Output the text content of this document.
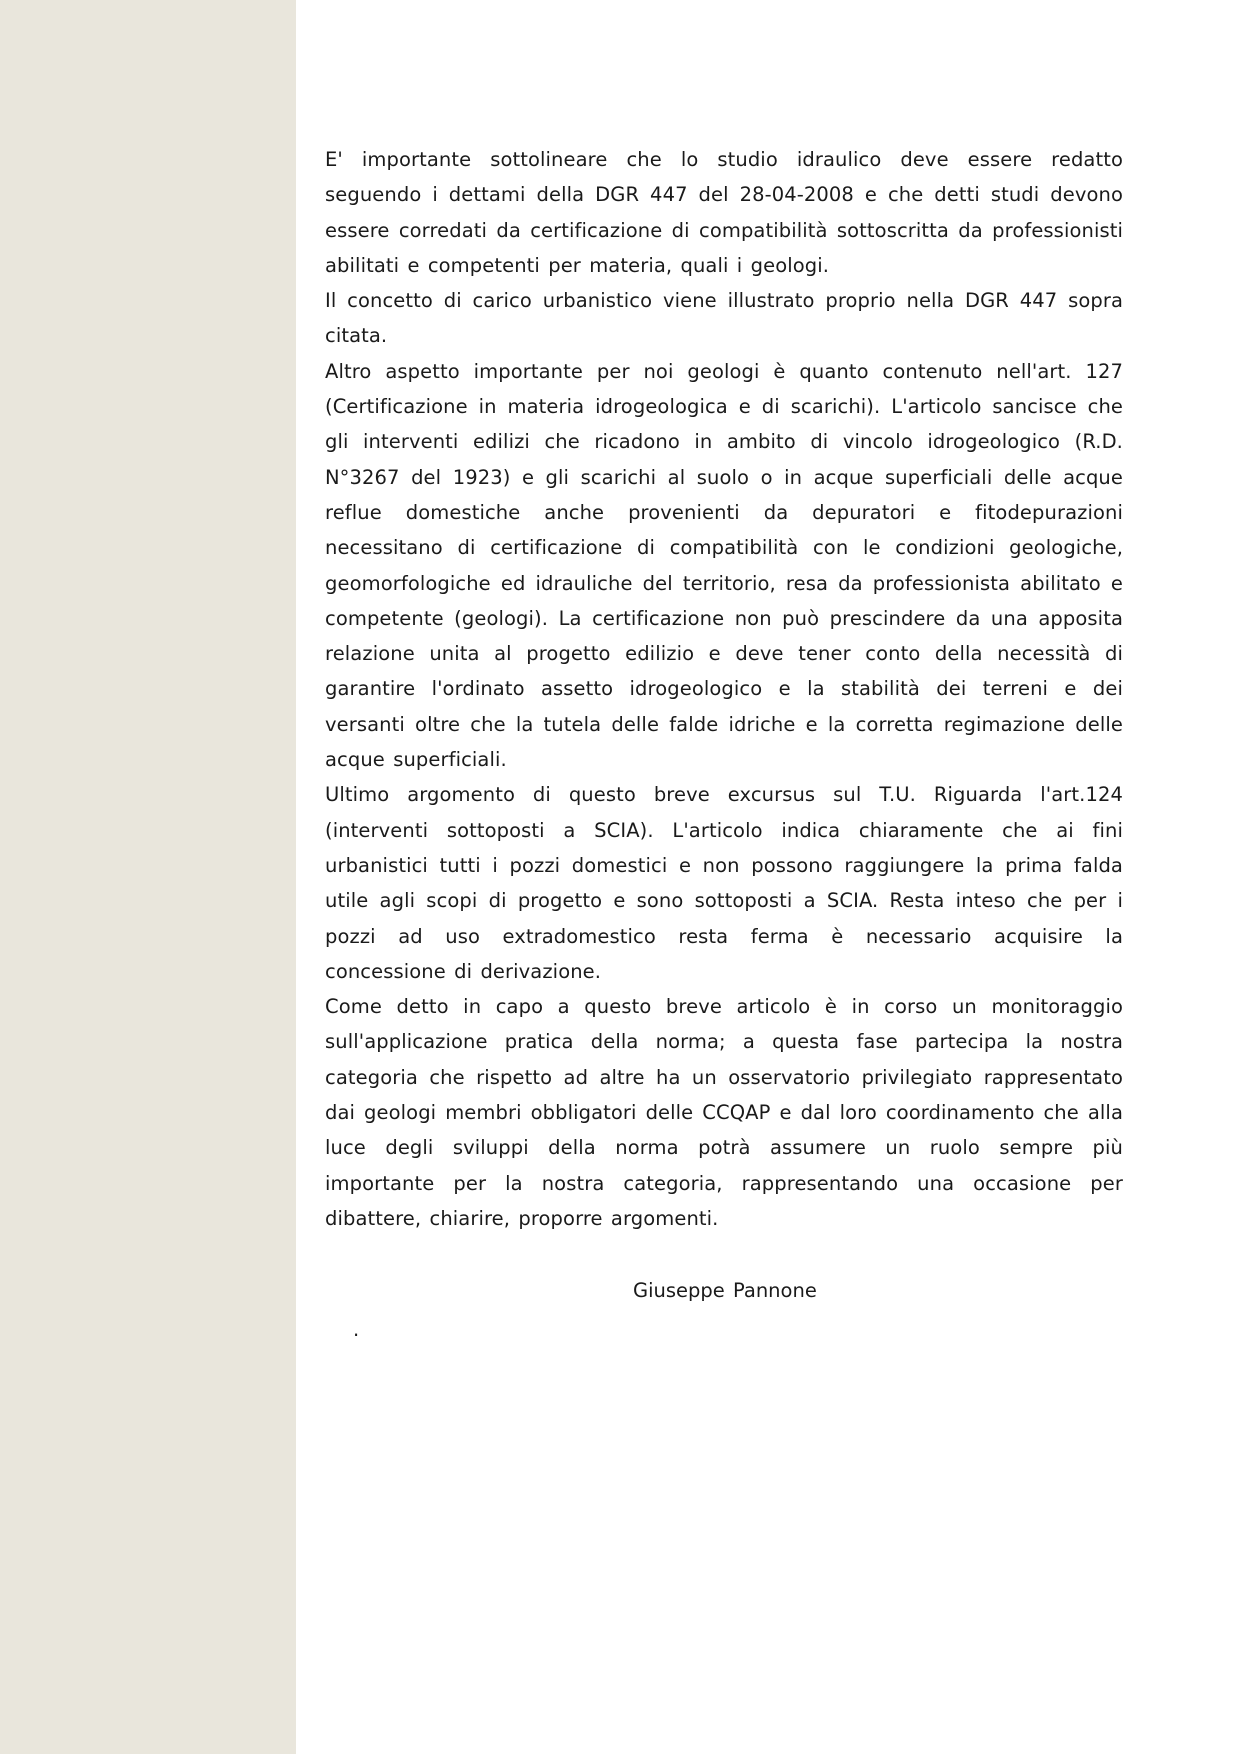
E' importante sottolineare che lo studio idraulico deve essere redatto seguendo i dettami della DGR 447 del 28-04-2008 e che detti studi devono essere corredati da certificazione di compatibilità sottoscritta da professionisti abilitati e competenti per materia, quali i geologi.

Il concetto di carico urbanistico viene illustrato proprio nella DGR 447 sopra citata.

Altro aspetto importante per noi geologi è quanto contenuto nell'art. 127 (Certificazione in materia idrogeologica e di scarichi). L'articolo sancisce che gli interventi edilizi che ricadono in ambito di vincolo idrogeologico (R.D. N°3267 del 1923) e gli scarichi al suolo o in acque superficiali delle acque reflue domestiche anche provenienti da depuratori e fitodepurazioni necessitano di certificazione di compatibilità con le condizioni geologiche, geomorfologiche ed idrauliche del territorio, resa da professionista abilitato e competente (geologi). La certificazione non può prescindere da una apposita relazione unita al progetto edilizio e deve tener conto della necessità di garantire l'ordinato assetto idrogeologico e la stabilità dei terreni e dei versanti oltre che la tutela delle falde idriche e la corretta regimazione delle acque superficiali.

Ultimo argomento di questo breve excursus sul T.U. Riguarda l'art.124 (interventi sottoposti a SCIA). L'articolo indica chiaramente che ai fini urbanistici tutti i pozzi domestici e non possono raggiungere la prima falda utile agli scopi di progetto e sono sottoposti a SCIA. Resta inteso che per i pozzi ad uso extradomestico resta ferma è necessario acquisire la concessione di derivazione.

Come detto in capo a questo breve articolo è in corso un monitoraggio sull'applicazione pratica della norma; a questa fase partecipa la nostra categoria che rispetto ad altre ha un osservatorio privilegiato rappresentato dai geologi membri obbligatori delle CCQAP e dal loro coordinamento che alla luce degli sviluppi della norma potrà assumere un ruolo sempre più importante per la nostra categoria, rappresentando una occasione per dibattere, chiarire, proporre argomenti.

Giuseppe Pannone
.
